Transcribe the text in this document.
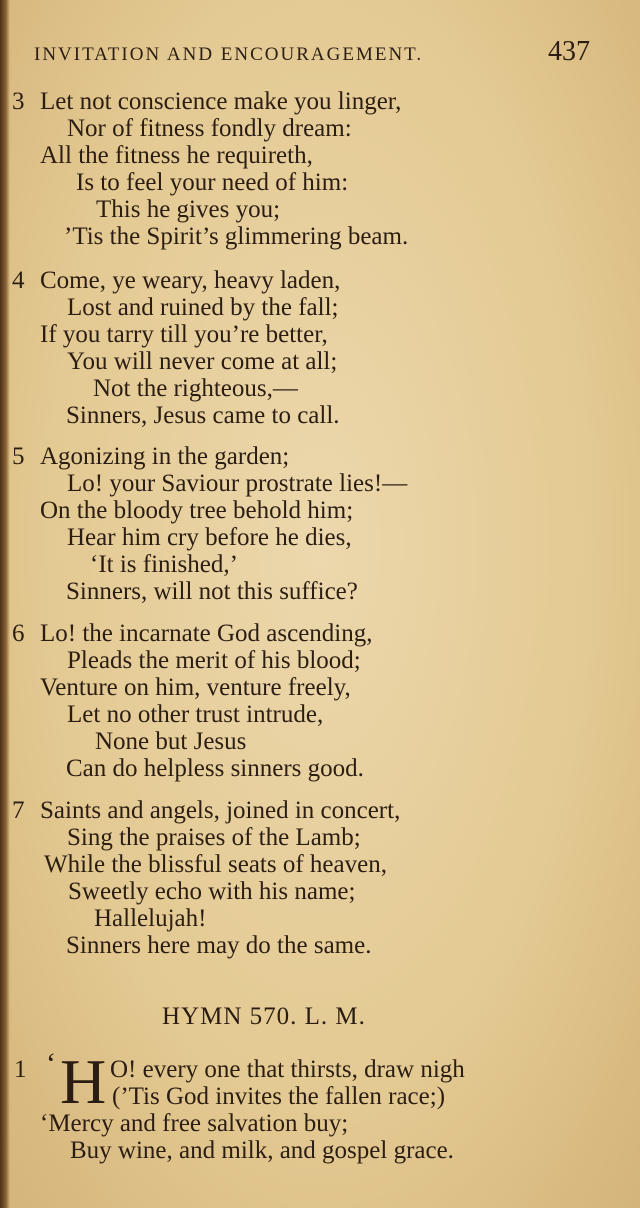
INVITATION AND ENCOURAGEMENT.	437
3 Let not conscience make you linger,
Nor of fitness fondly dream:
All the fitness he requireth,
Is to feel your need of him:
This he gives you;
’Tis the Spirit’s glimmering beam.
4 Come, ye weary, heavy laden,
Lost and ruined by the fall;
If you tarry till you’re better,
You will never come at all;
Not the righteous,—
Sinners, Jesus came to call.
5 Agonizing in the garden;
Lo! your Saviour prostrate lies!—
On the bloody tree behold him;
Hear him cry before he dies,
‘It is finished,’
Sinners, will not this suffice?
6 Lo! the incarnate God ascending,
Pleads the merit of his blood;
Venture on him, venture freely,
Let no other trust intrude,
None but Jesus
Can do helpless sinners good.
7 Saints and angels, joined in concert,
Sing the praises of the Lamb;
While the blissful seats of heaven,
Sweetly echo with his name;
Hallelujah!
Sinners here may do the same.
HYMN 570. L. M.
1 ‘ H O! every one that thirsts, draw nigh
(’Tis God invites the fallen race;)
‘Mercy and free salvation buy;
Buy wine, and milk, and gospel grace.
